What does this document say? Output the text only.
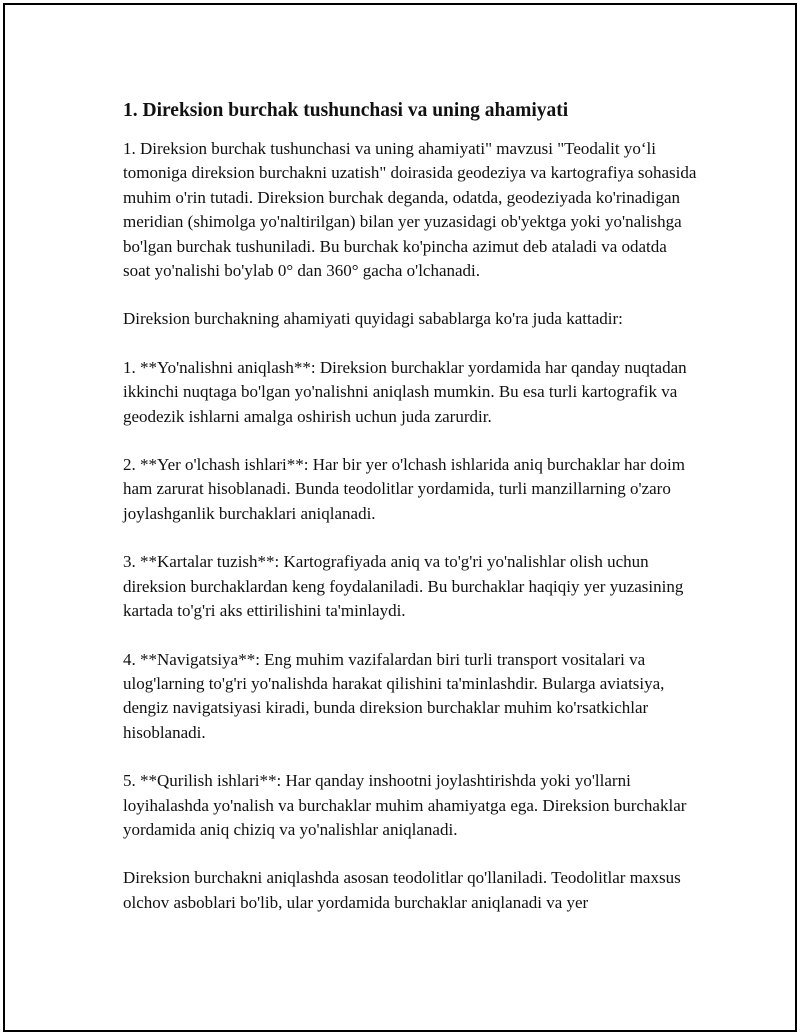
1. Direksion burchak tushunchasi va uning ahamiyati

1. Direksion burchak tushunchasi va uning ahamiyati" mavzusi "Teodalit yo‘li tomoniga direksion burchakni uzatish" doirasida geodeziya va kartografiya sohasida muhim o'rin tutadi. Direksion burchak deganda, odatda, geodeziyada ko'rinadigan meridian (shimolga yo'naltirilgan) bilan yer yuzasidagi ob'yektga yoki yo'nalishga bo'lgan burchak tushuniladi. Bu burchak ko'pincha azimut deb ataladi va odatda soat yo'nalishi bo'ylab 0° dan 360° gacha o'lchanadi.

Direksion burchakning ahamiyati quyidagi sabablarga ko'ra juda kattadir:

1. **Yo'nalishni aniqlash**: Direksion burchaklar yordamida har qanday nuqtadan ikkinchi nuqtaga bo'lgan yo'nalishni aniqlash mumkin. Bu esa turli kartografik va geodezik ishlarni amalga oshirish uchun juda zarurdir.

2. **Yer o'lchash ishlari**: Har bir yer o'lchash ishlarida aniq burchaklar har doim ham zarurat hisoblanadi. Bunda teodolitlar yordamida, turli manzillarning o'zaro joylashganlik burchaklari aniqlanadi.

3. **Kartalar tuzish**: Kartografiyada aniq va to'g'ri yo'nalishlar olish uchun direksion burchaklardan keng foydalaniladi. Bu burchaklar haqiqiy yer yuzasining kartada to'g'ri aks ettirilishini ta'minlaydi.

4. **Navigatsiya**: Eng muhim vazifalardan biri turli transport vositalari va ulog'larning to'g'ri yo'nalishda harakat qilishini ta'minlashdir. Bularga aviatsiya, dengiz navigatsiyasi kiradi, bunda direksion burchaklar muhim ko'rsatkichlar hisoblanadi.

5. **Qurilish ishlari**: Har qanday inshootni joylashtirishda yoki yo'llarni loyihalashda yo'nalish va burchaklar muhim ahamiyatga ega. Direksion burchaklar yordamida aniq chiziq va yo'nalishlar aniqlanadi.

Direksion burchakni aniqlashda asosan teodolitlar qo'llaniladi. Teodolitlar maxsus olchov asboblari bo'lib, ular yordamida burchaklar aniqlanadi va yer
